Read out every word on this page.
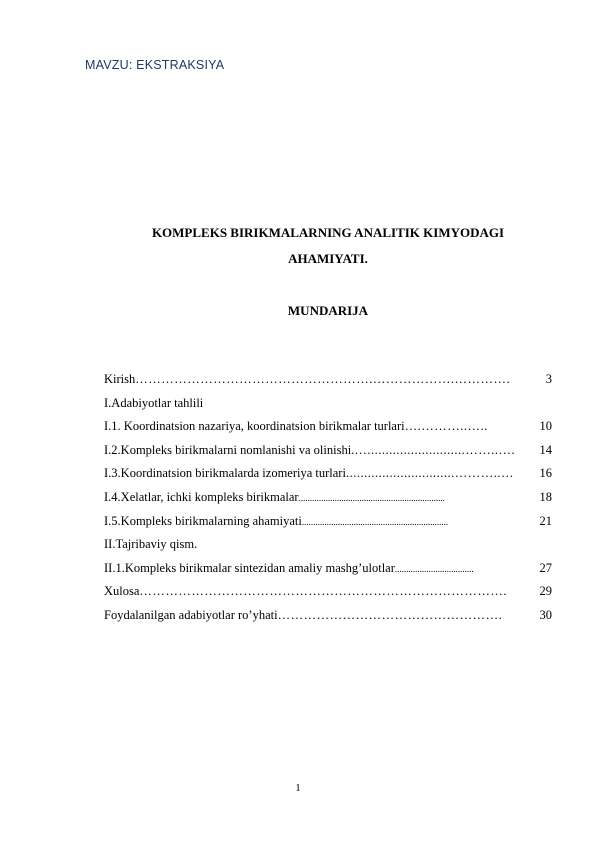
MAVZU: EKSTRAKSIYA
KOMPLEKS BIRIKMALARNING ANALITIK KIMYODAGI
AHAMIYATI.
MUNDARIJA
Kirish ……………………………………………….……………….………….	3
I.Adabiyotlar tahlili
I.1. Koordinatsion nazariya, koordinatsion birikmalar turlari ….………..…..	10
I.2.Kompleks birikmalarni nomlanishi va olinishi. …...........................……..….	14
I.3.Koordinatsion birikmalarda izomeriya turlari ..............................………..…	16
I.4.Xelatlar, ichki kompleks birikmalar .................................................................	18
I.5.Kompleks birikmalarning ahamiyati .................................................................	21
II.Tajribaviy qism.
II.1.Kompleks birikmalar sintezidan amaliy mashg’ulotlar ...................................	27
Xulosa ………………………………………………………………………….	29
Foydalanilgan adabiyotlar ro’yhati …………………………………………….	30
1
